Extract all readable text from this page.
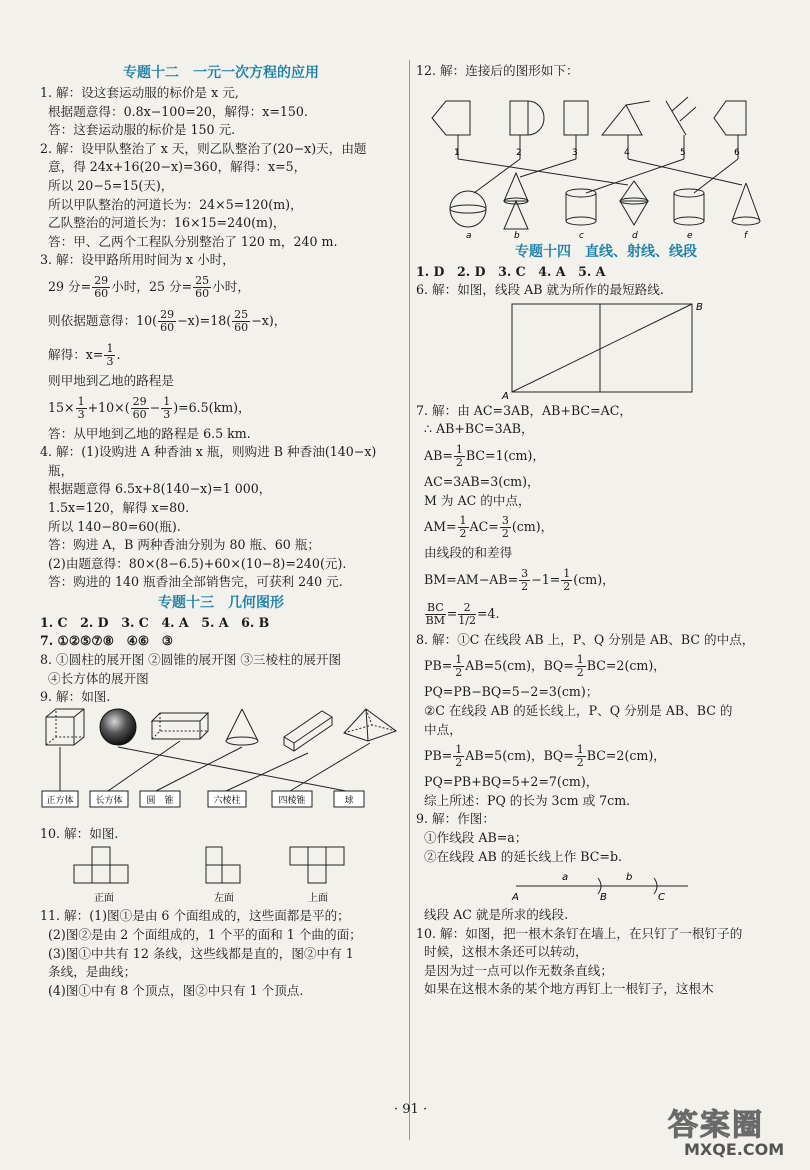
专题十二　一元一次方程的应用
1. 解：设这套运动服的标价是 x 元,
根据题意得：0.8x−100=20，解得：x=150.
答：这套运动服的标价是 150 元.
2. 解：设甲队整治了 x 天，则乙队整治了(20−x)天，由题
意，得 24x+16(20−x)=360，解得：x=5，
所以 20−5=15(天)，
所以甲队整治的河道长为：24×5=120(m)，
乙队整治的河道长为：16×15=240(m)，
答：甲、乙两个工程队分别整治了 120 m，240 m.
3. 解：设甲路所用时间为 x 小时，
29 分= $\frac{29}{60}$ 小时，25 分= $\frac{25}{60}$ 小时，
则依据题意得：$10( \frac{29}{60} -x)=18( \frac{25}{60} -x)$，
解得：$x= \frac{1}{3}$ .
则甲地到乙地的路程是
$15\times \frac{1}{3} +10\times( \frac{29}{60} - \frac{1}{3} )=6.5(km)$，
答：从甲地到乙地的路程是 6.5 km.
4. 解：(1)设购进 A 种香油 x 瓶，则购进 B 种香油(140−x)
瓶，
根据题意得 6.5x+8(140−x)=1 000，
1.5x=120，解得 x=80.
所以 140−80=60(瓶).
答：购进 A，B 两种香油分别为 80 瓶、60 瓶；
(2)由题意得：80×(8−6.5)+60×(10−8)=240(元).
答：购进的 140 瓶香油全部销售完，可获利 240 元.
专题十三　几何图形
1. C　2. D　3. C　4. A　5. A　6. B
7. ①②⑤⑦⑧　④⑥　③
8. ①圆柱的展开图 ②圆锥的展开图 ③三棱柱的展开图
④长方体的展开图
9. 解：如图.
正方体 长方体	圆　锥	六棱柱	四棱锥	球
10. 解：如图.
正面	左面	上面
11. 解：(1)图①是由 6 个面组成的，这些面都是平的；
(2)图②是由 2 个面组成的，1 个平的面和 1 个曲的面；
(3)图①中共有 12 条线，这些线都是直的，图②中有 1
条线，是曲线；
(4)图①中有 8 个顶点，图②中只有 1 个顶点.
12. 解：连接后的图形如下：
1	2	3	4	5	6
a	b	c	d	e	f
专题十四　直线、射线、线段
1. D　2. D　3. C　4. A　5. A
6. 解：如图，线段 AB 就为所作的最短路线.
A
B
7. 解：由 AC=3AB，AB+BC=AC，
∴ AB+BC=3AB，
$AB= \frac{1}{2} BC=1(cm)$，
AC=3AB=3(cm)，
M 为 AC 的中点，
$AM= \frac{1}{2} AC= \frac{3}{2} (cm)$，
由线段的和差得
$BM=AM-AB= \frac{3}{2} -1= \frac{1}{2} (cm)$，
$\frac{BC}{BM} = \frac{2}{1/2} =4$.
8. 解：①C 在线段 AB 上，P、Q 分别是 AB、BC 的中点，
$PB= \frac{1}{2} AB=5(cm)$，$BQ= \frac{1}{2} BC=2(cm)$，
PQ=PB−BQ=5−2=3(cm)；
②C 在线段 AB 的延长线上，P、Q 分别是 AB、BC 的
中点，
$PB= \frac{1}{2} AB=5(cm)$，$BQ= \frac{1}{2} BC=2(cm)$，
PQ=PB+BQ=5+2=7(cm)，
综上所述：PQ 的长为 3cm 或 7cm.
9. 解：作图：
①作线段 AB=a；
②在线段 AB 的延长线上作 BC=b.
a	b
A	B	C
线段 AC 就是所求的线段.
10. 解：如图，把一根木条钉在墙上，在只钉了一根钉子的
时候，这根木条还可以转动，
是因为过一点可以作无数条直线；
如果在这根木条的某个地方再钉上一根钉子，这根木
· 91 ·	答案圈
MXQE.COM
